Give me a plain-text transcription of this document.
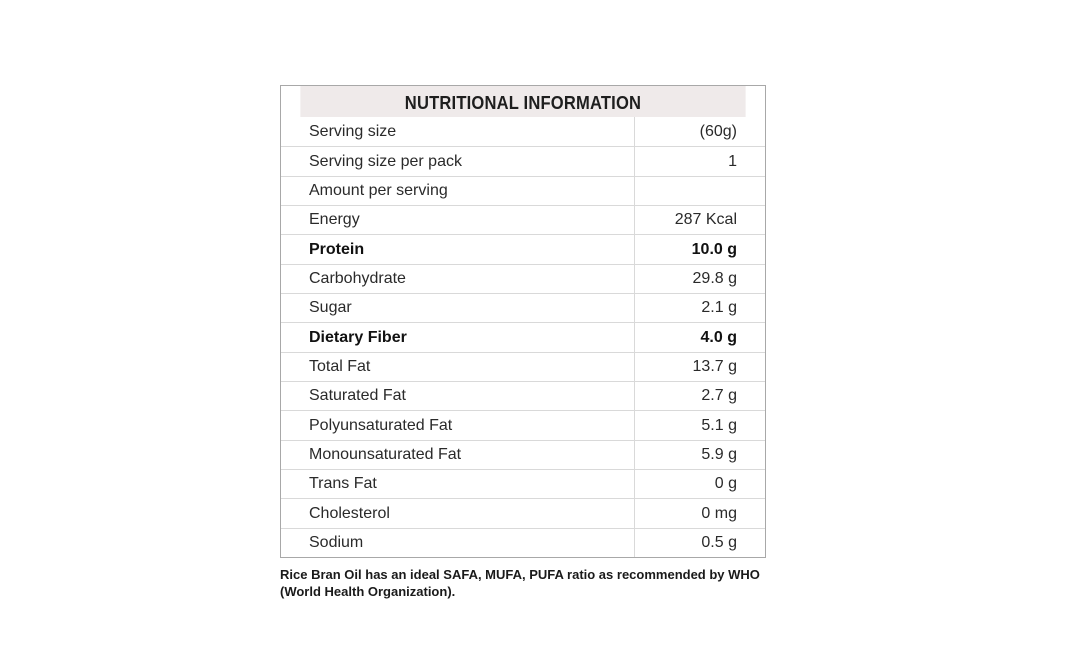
NUTRITIONAL INFORMATION
Serving size	(60g)
Serving size per pack	1
Amount per serving
Energy	287 Kcal
Protein	10.0 g
Carbohydrate	29.8 g
Sugar	2.1 g
Dietary Fiber	4.0 g
Total Fat	13.7 g
Saturated Fat	2.7 g
Polyunsaturated Fat	5.1 g
Monounsaturated Fat	5.9 g
Trans Fat	0 g
Cholesterol	0 mg
Sodium	0.5 g
Rice Bran Oil has an ideal SAFA, MUFA, PUFA ratio as recommended by WHO (World Health Organization).
